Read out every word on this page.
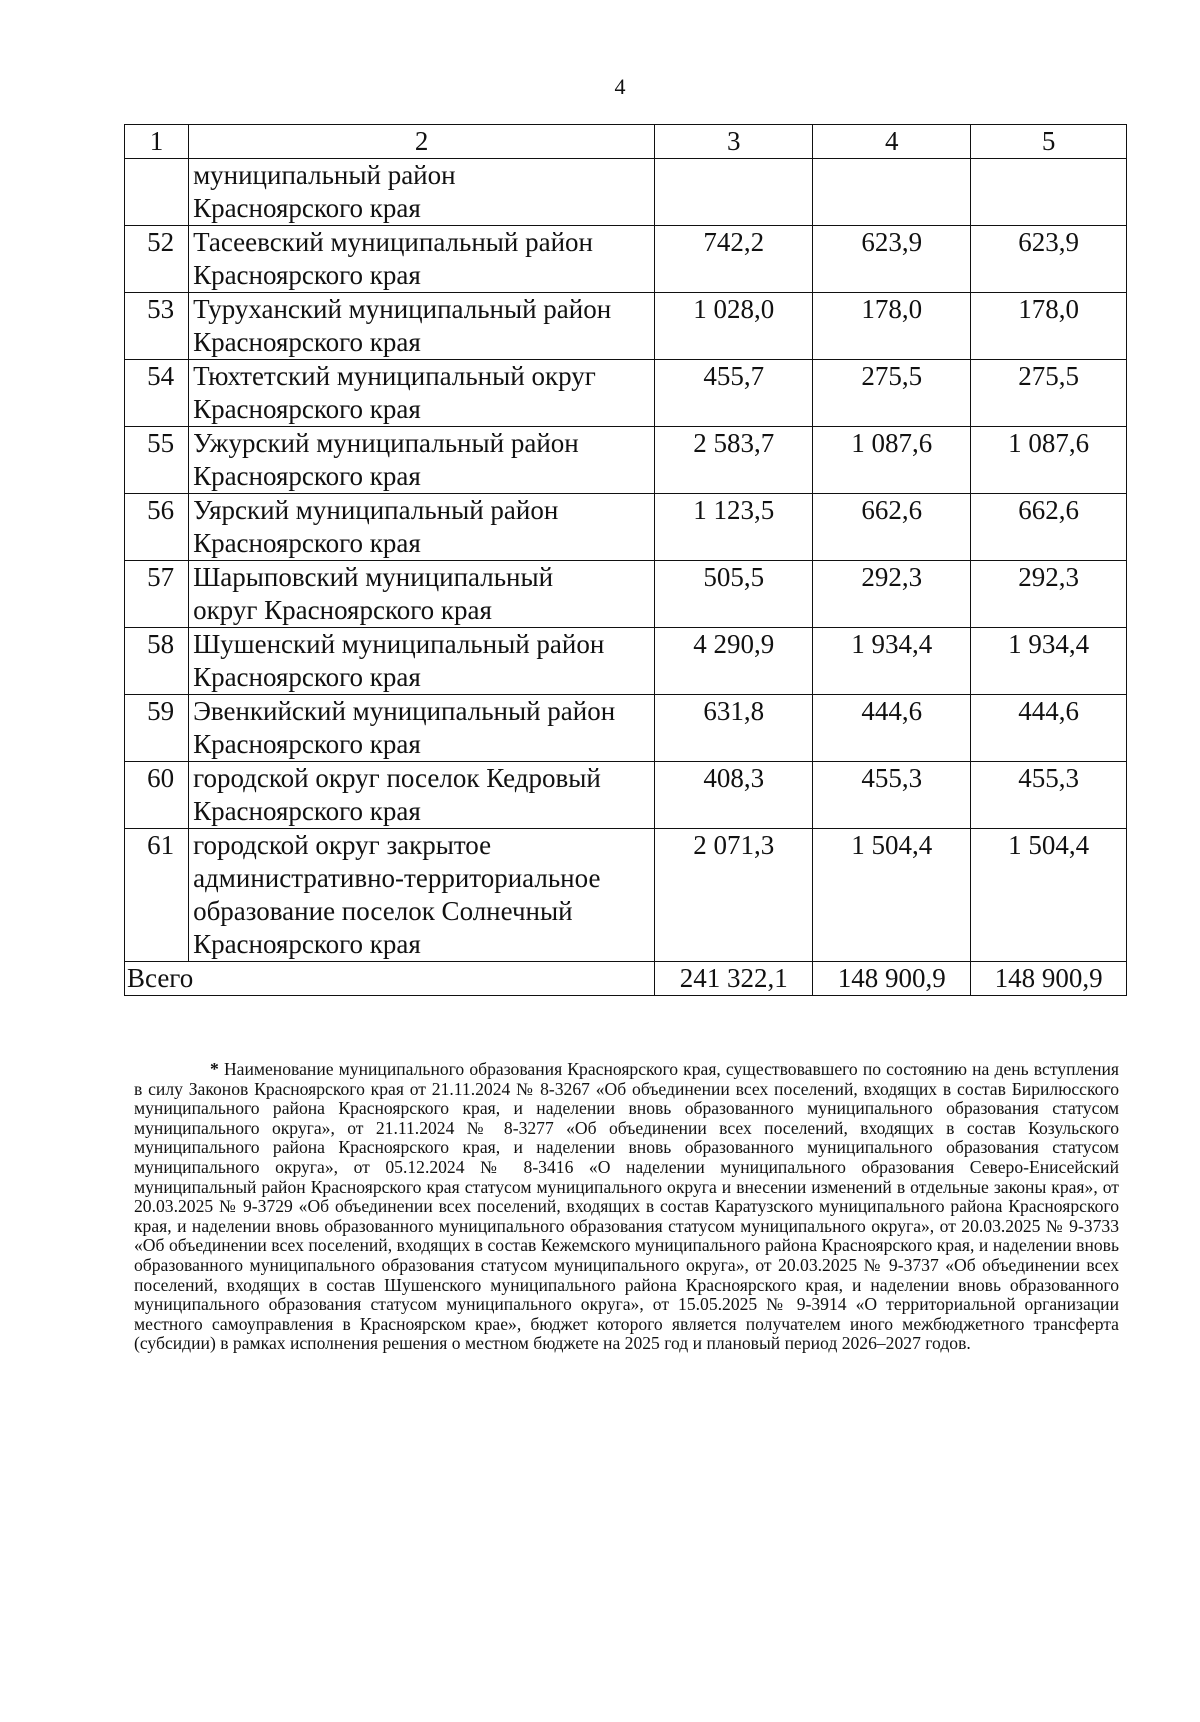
4
1	2	3	4	5

	муниципальный район
Красноярского края			

52	Тасеевский муниципальный район
Красноярского края	742,2	623,9	623,9
53	Туруханский муниципальный район
Красноярского края	1 028,0	178,0	178,0
54	Тюхтетский муниципальный округ
Красноярского края	455,7	275,5	275,5
55	Ужурский муниципальный район
Красноярского края	2 583,7	1 087,6	1 087,6
56	Уярский муниципальный район
Красноярского края	1 123,5	662,6	662,6
57	Шарыповский муниципальный
округ Красноярского края	505,5	292,3	292,3
58	Шушенский муниципальный район
Красноярского края	4 290,9	1 934,4	1 934,4
59	Эвенкийский муниципальный район
Красноярского края	631,8	444,6	444,6
60	городской округ поселок Кедровый
Красноярского края	408,3	455,3	455,3
61	городской округ закрытое
административно-территориальное
образование поселок Солнечный
Красноярского края	2 071,3	1 504,4	1 504,4
Всего		241 322,1	148 900,9	148 900,9
* Наименование муниципального образования Красноярского края, существовавшего по состоянию на день вступления в силу Законов Красноярского края от 21.11.2024 № 8-3267 «Об объединении всех поселений, входящих в состав Бирилюсского муниципального района Красноярского края, и наделении вновь образованного муниципального образования статусом муниципального округа», от 21.11.2024 № 8-3277 «Об объединении всех поселений, входящих в состав Козульского муниципального района Красноярского края, и наделении вновь образованного муниципального образования статусом муниципального округа», от 05.12.2024 № 8-3416 «О наделении муниципального образования Северо-Енисейский муниципальный район Красноярского края статусом муниципального округа и внесении изменений в отдельные законы края», от 20.03.2025 № 9-3729 «Об объединении всех поселений, входящих в состав Каратузского муниципального района Красноярского края, и наделении вновь образованного муниципального образования статусом муниципального округа», от 20.03.2025 № 9-3733 «Об объединении всех поселений, входящих в состав Кежемского муниципального района Красноярского края, и наделении вновь образованного муниципального образования статусом муниципального округа», от 20.03.2025 № 9-3737 «Об объединении всех поселений, входящих в состав Шушенского муниципального района Красноярского края, и наделении вновь образованного муниципального образования статусом муниципального округа», от 15.05.2025 № 9-3914 «О территориальной организации местного самоуправления в Красноярском крае», бюджет которого является получателем иного межбюджетного трансферта (субсидии) в рамках исполнения решения о местном бюджете на 2025 год и плановый период 2026–2027 годов.
